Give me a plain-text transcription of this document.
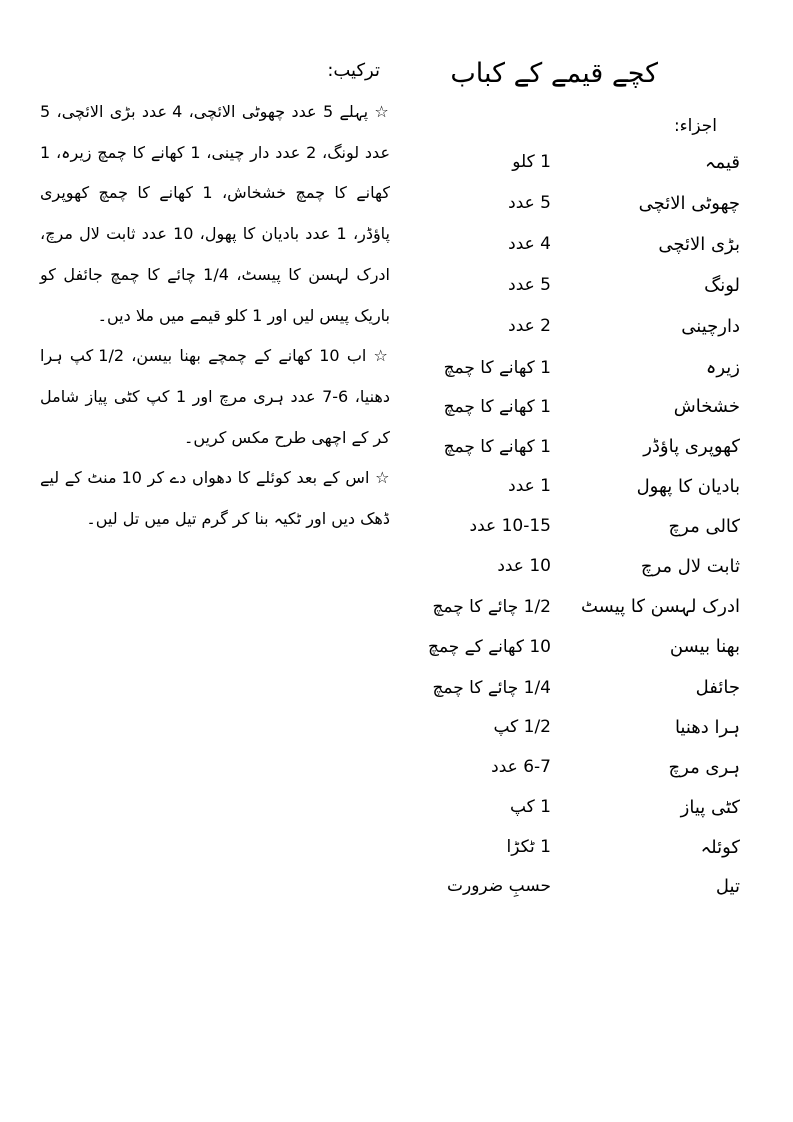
کچے قیمے کے کباب
اجزاء:
قیمہ
1 کلو
چھوٹی الائچی
5 عدد
بڑی الائچی
4 عدد
لونگ
5 عدد
دارچینی
2 عدد
زیرہ
1 کھانے کا چمچ
خشخاش
1 کھانے کا چمچ
کھوپری پاؤڈر
1 کھانے کا چمچ
بادیان کا پھول
1 عدد
کالی مرچ
10-15 عدد
ثابت لال مرچ
10 عدد
ادرک لہسن کا پیسٹ
1/2 چائے کا چمچ
بھنا بیسن
10 کھانے کے چمچ
جائفل
1/4 چائے کا چمچ
ہرا دھنیا
1/2 کپ
ہری مرچ
6-7 عدد
کٹی پیاز
1 کپ
کوئلہ
1 ٹکڑا
تیل
حسبِ ضرورت
ترکیب:

☆ پہلے 5 عدد چھوٹی الائچی، 4 عدد بڑی الائچی، 5 عدد لونگ، 2 عدد دار چینی، 1 کھانے کا چمچ زیرہ، 1 کھانے کا چمچ خشخاش، 1 کھانے کا چمچ کھوپری پاؤڈر، 1 عدد بادیان کا پھول، 10 عدد ثابت لال مرچ، ادرک لہسن کا پیسٹ، 1/4 چائے کا چمچ جائفل کو باریک پیس لیں اور 1 کلو قیمے میں ملا دیں۔

☆ اب 10 کھانے کے چمچے بھنا بیسن، 1/2 کپ ہرا دھنیا، 6-7 عدد ہری مرچ اور 1 کپ کٹی پیاز شامل کر کے اچھی طرح مکس کریں۔

☆ اس کے بعد کوئلے کا دھواں دے کر 10 منٹ کے لیے ڈھک دیں اور ٹکیہ بنا کر گرم تیل میں تل لیں۔
